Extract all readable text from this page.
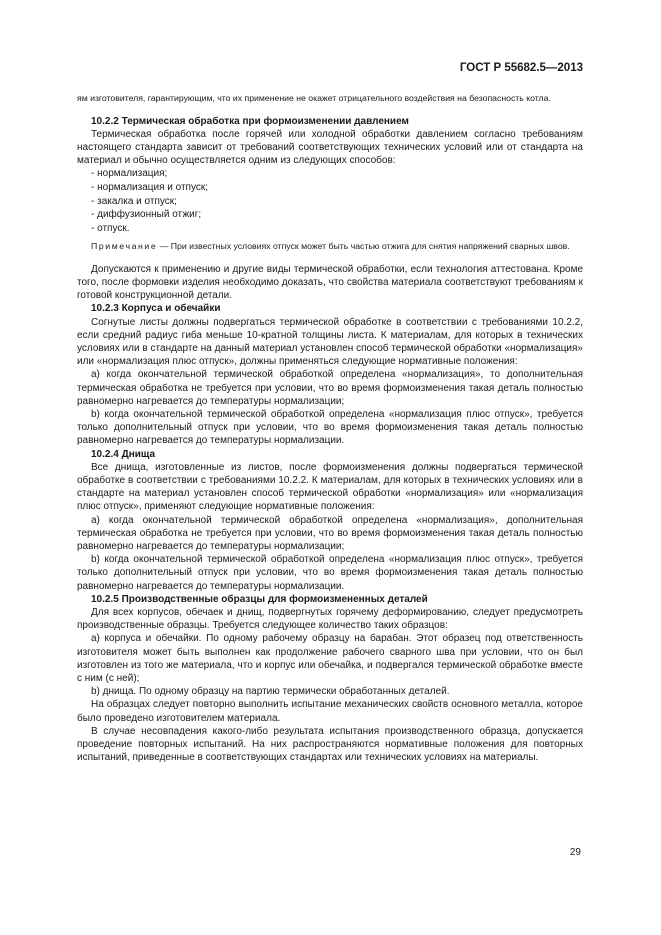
ГОСТ Р 55682.5—2013

ям изготовителя, гарантирующим, что их применение не окажет отрицательного воздействия на безопасность котла.

10.2.2 Термическая обработка при формоизменении давлением

Термическая обработка после горячей или холодной обработки давлением согласно требованиям настоящего стандарта зависит от требований соответствующих технических условий или от стандарта на материал и обычно осуществляется одним из следующих способов:

- нормализация;
- нормализация и отпуск;
- закалка и отпуск;
- диффузионный отжиг;
- отпуск.

Примечание — При известных условиях отпуск может быть частью отжига для снятия напряжений сварных швов.

Допускаются к применению и другие виды термической обработки, если технология аттестована. Кроме того, после формовки изделия необходимо доказать, что свойства материала соответствуют требованиям к готовой конструкционной детали.

10.2.3 Корпуса и обечайки

Согнутые листы должны подвергаться термической обработке в соответствии с требованиями 10.2.2, если средний радиус гиба меньше 10-кратной толщины листа. К материалам, для которых в технических условиях или в стандарте на данный материал установлен способ термической обработки «нормализация» или «нормализация плюс отпуск», должны применяться следующие нормативные положения:

а) когда окончательной термической обработкой определена «нормализация», то дополнительная термическая обработка не требуется при условии, что во время формоизменения такая деталь полностью равномерно нагревается до температуры нормализации;

b) когда окончательной термической обработкой определена «нормализация плюс отпуск», требуется только дополнительный отпуск при условии, что во время формоизменения такая деталь полностью равномерно нагревается до температуры нормализации.

10.2.4 Днища

Все днища, изготовленные из листов, после формоизменения должны подвергаться термической обработке в соответствии с требованиями 10.2.2. К материалам, для которых в технических условиях или в стандарте на материал установлен способ термической обработки «нормализация» или «нормализация плюс отпуск», применяют следующие нормативные положения:

а) когда окончательной термической обработкой определена «нормализация», дополнительная термическая обработка не требуется при условии, что во время формоизменения такая деталь полностью равномерно нагревается до температуры нормализации;

b) когда окончательной термической обработкой определена «нормализация плюс отпуск», требуется только дополнительный отпуск при условии, что во время формоизменения такая деталь полностью равномерно нагревается до температуры нормализации.

10.2.5 Производственные образцы для формоизмененных деталей

Для всех корпусов, обечаек и днищ, подвергнутых горячему деформированию, следует предусмотреть производственные образцы. Требуется следующее количество таких образцов:

а) корпуса и обечайки. По одному рабочему образцу на барабан. Этот образец под ответственность изготовителя может быть выполнен как продолжение рабочего сварного шва при условии, что он был изготовлен из того же материала, что и корпус или обечайка, и подвергался термической обработке вместе с ним (с ней);

b) днища. По одному образцу на партию термически обработанных деталей.

На образцах следует повторно выполнить испытание механических свойств основного металла, которое было проведено изготовителем материала.

В случае несовпадения какого-либо результата испытания производственного образца, допускается проведение повторных испытаний. На них распространяются нормативные положения для повторных испытаний, приведенные в соответствующих стандартах или технических условиях на материалы.

29
